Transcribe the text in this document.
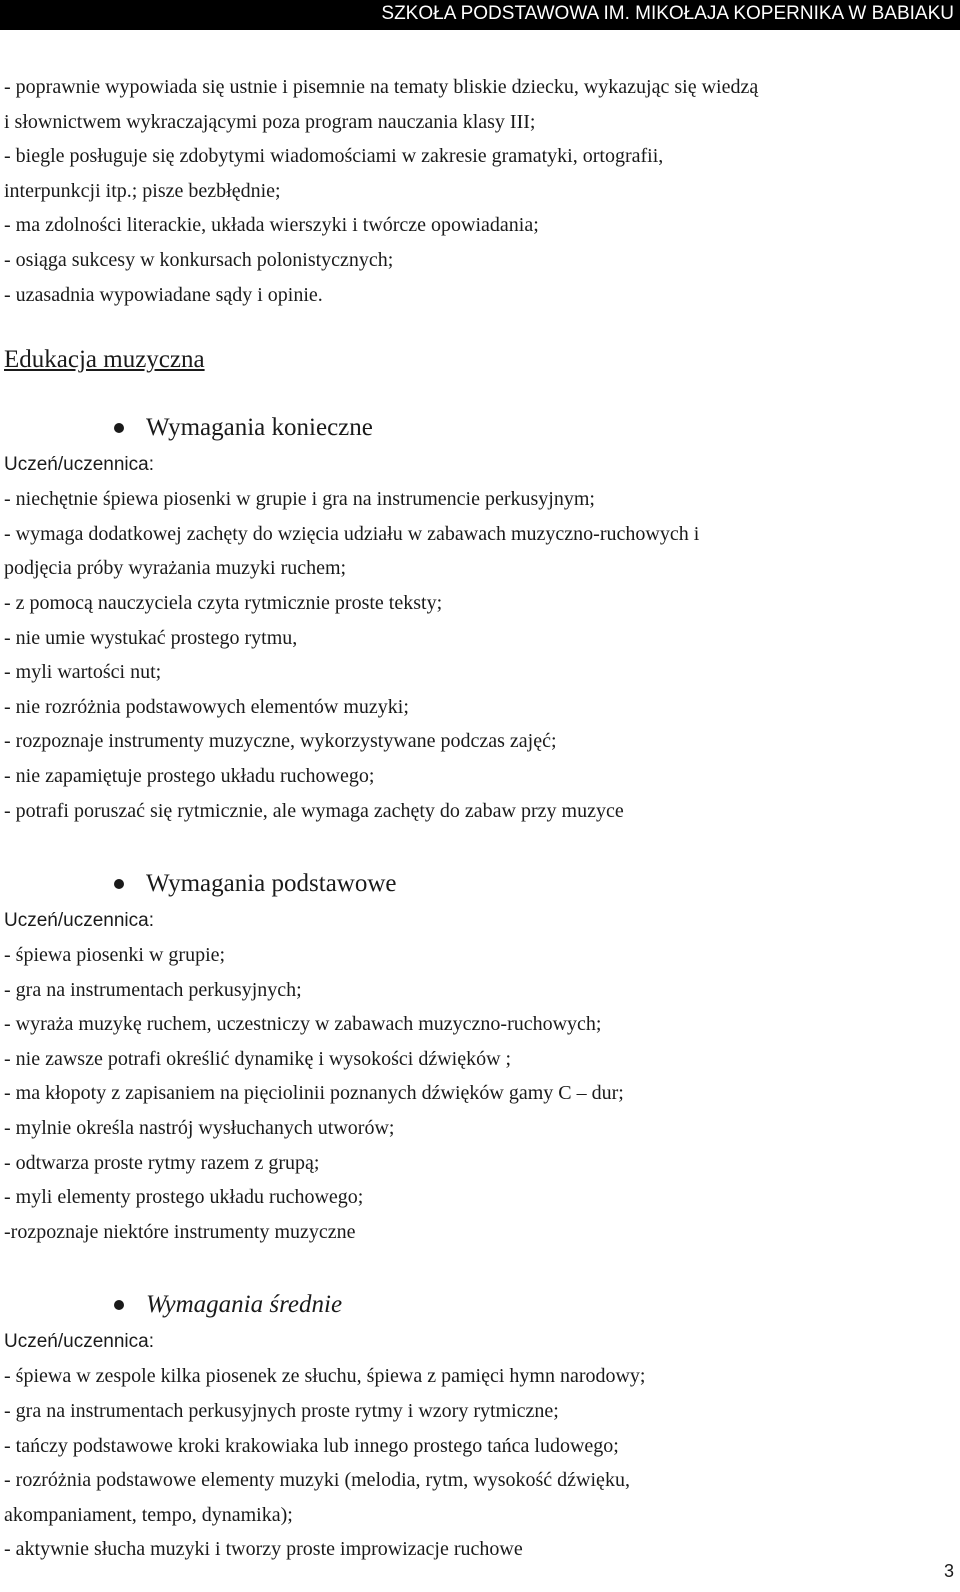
SZKOŁA PODSTAWOWA IM. MIKOŁAJA KOPERNIKA W BABIAKU
- poprawnie wypowiada się ustnie i pisemnie na tematy bliskie dziecku, wykazując się wiedzą
i słownictwem wykraczającymi poza program nauczania klasy III;
- biegle posługuje się zdobytymi wiadomościami w zakresie gramatyki, ortografii,
interpunkcji itp.; pisze bezbłędnie;
- ma zdolności literackie, układa wierszyki i twórcze opowiadania;
- osiąga sukcesy w konkursach polonistycznych;
- uzasadnia wypowiadane sądy i opinie.
Edukacja muzyczna
Wymagania konieczne
Uczeń/uczennica:
- niechętnie śpiewa piosenki w grupie i gra na instrumencie perkusyjnym;
- wymaga dodatkowej zachęty do wzięcia udziału w zabawach muzyczno-ruchowych i
podjęcia próby wyrażania muzyki ruchem;
- z pomocą nauczyciela czyta rytmicznie proste teksty;
- nie umie wystukać prostego rytmu,
- myli wartości nut;
- nie rozróżnia podstawowych elementów muzyki;
- rozpoznaje instrumenty muzyczne, wykorzystywane podczas zajęć;
- nie zapamiętuje prostego układu ruchowego;
- potrafi poruszać się rytmicznie, ale wymaga zachęty do zabaw przy muzyce
Wymagania podstawowe
Uczeń/uczennica:
- śpiewa piosenki w grupie;
- gra na instrumentach perkusyjnych;
- wyraża muzykę ruchem, uczestniczy w zabawach muzyczno-ruchowych;
- nie zawsze potrafi określić dynamikę i wysokości dźwięków ;
- ma kłopoty z zapisaniem na pięciolinii poznanych dźwięków gamy C – dur;
- mylnie określa nastrój wysłuchanych utworów;
- odtwarza proste rytmy razem z grupą;
- myli elementy prostego układu ruchowego;
-rozpoznaje niektóre instrumenty muzyczne
Wymagania średnie
Uczeń/uczennica:
- śpiewa w zespole kilka piosenek ze słuchu, śpiewa z pamięci hymn narodowy;
- gra na instrumentach perkusyjnych proste rytmy i wzory rytmiczne;
- tańczy podstawowe kroki krakowiaka lub innego prostego tańca ludowego;
- rozróżnia podstawowe elementy muzyki (melodia, rytm, wysokość dźwięku,
akompaniament, tempo, dynamika);
- aktywnie słucha muzyki i tworzy proste improwizacje ruchowe
3
